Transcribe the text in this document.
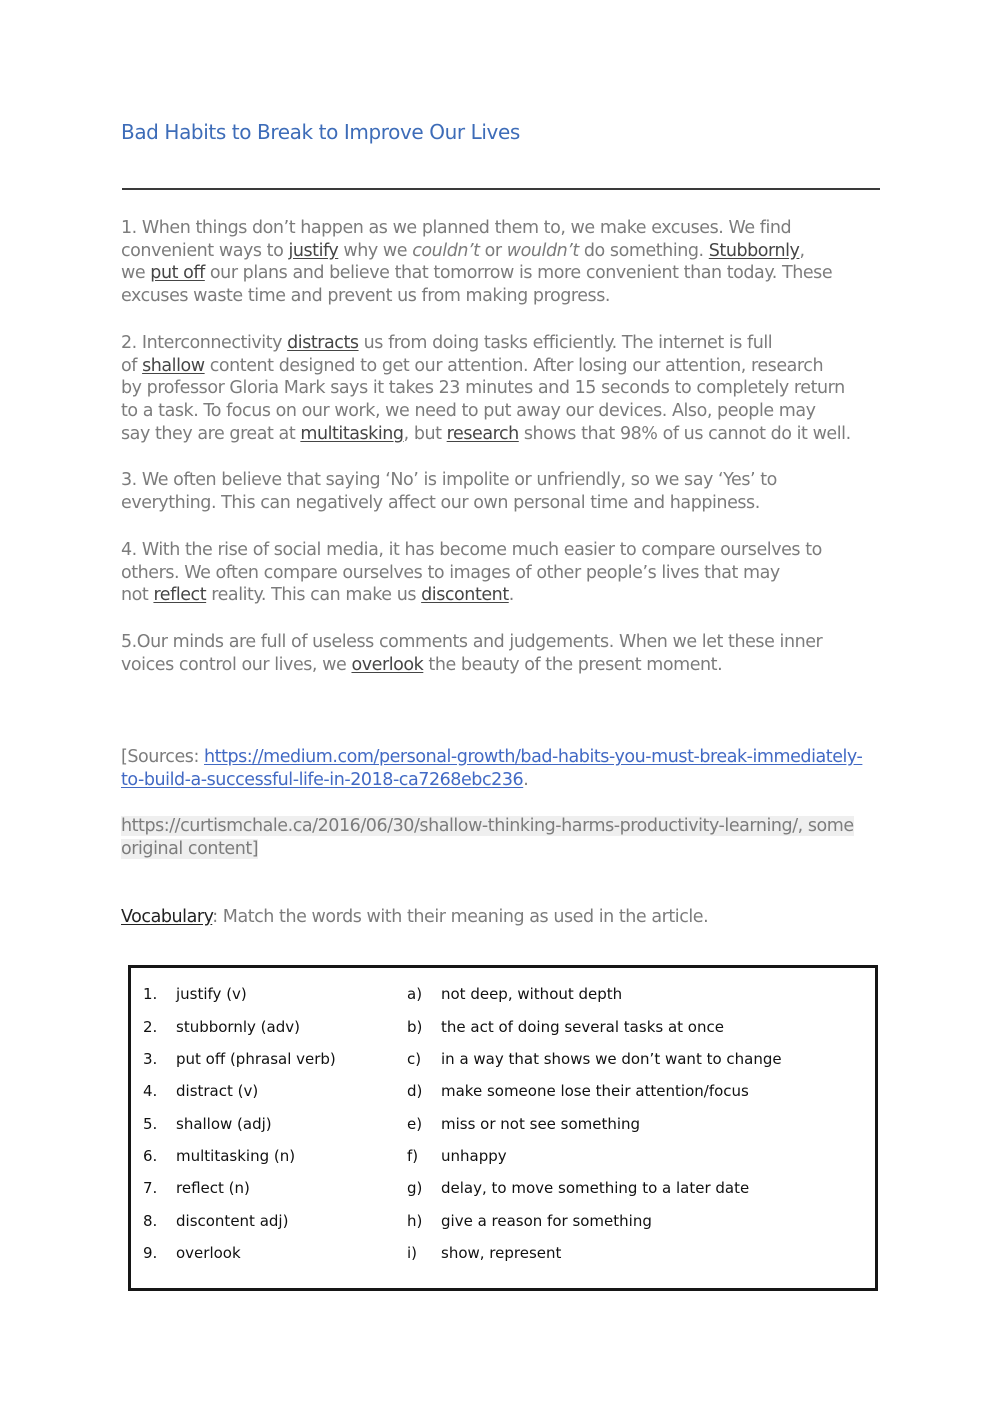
Bad Habits to Break to Improve Our Lives

1. When things don’t happen as we planned them to, we make excuses. We find
convenient ways to justify why we couldn’t or wouldn’t do something. Stubbornly,
we put off our plans and believe that tomorrow is more convenient than today. These
excuses waste time and prevent us from making progress.

2. Interconnectivity distracts us from doing tasks efficiently. The internet is full
of shallow content designed to get our attention. After losing our attention, research
by professor Gloria Mark says it takes 23 minutes and 15 seconds to completely return
to a task. To focus on our work, we need to put away our devices. Also, people may
say they are great at multitasking, but research shows that 98% of us cannot do it well.

3. We often believe that saying ‘No’ is impolite or unfriendly, so we say ‘Yes’ to
everything. This can negatively affect our own personal time and happiness.

4. With the rise of social media, it has become much easier to compare ourselves to
others. We often compare ourselves to images of other people’s lives that may
not reflect reality. This can make us discontent.

5.Our minds are full of useless comments and judgements. When we let these inner
voices control our lives, we overlook the beauty of the present moment.

[Sources: https://medium.com/personal-growth/bad-habits-you-must-break-immediately-
to-build-a-successful-life-in-2018-ca7268ebc236.

https://curtismchale.ca/2016/06/30/shallow-thinking-harms-productivity-learning/, some
original content]

Vocabulary: Match the words with their meaning as used in the article.

1. justify (v)	a) not deep, without depth
2. stubbornly (adv)	b) the act of doing several tasks at once
3. put off (phrasal verb)	c) in a way that shows we don’t want to change
4. distract (v)	d) make someone lose their attention/focus
5. shallow (adj)	e) miss or not see something
6. multitasking (n)	f) unhappy
7. reflect (n)	g) delay, to move something to a later date
8. discontent adj)	h) give a reason for something
9. overlook	i) show, represent
